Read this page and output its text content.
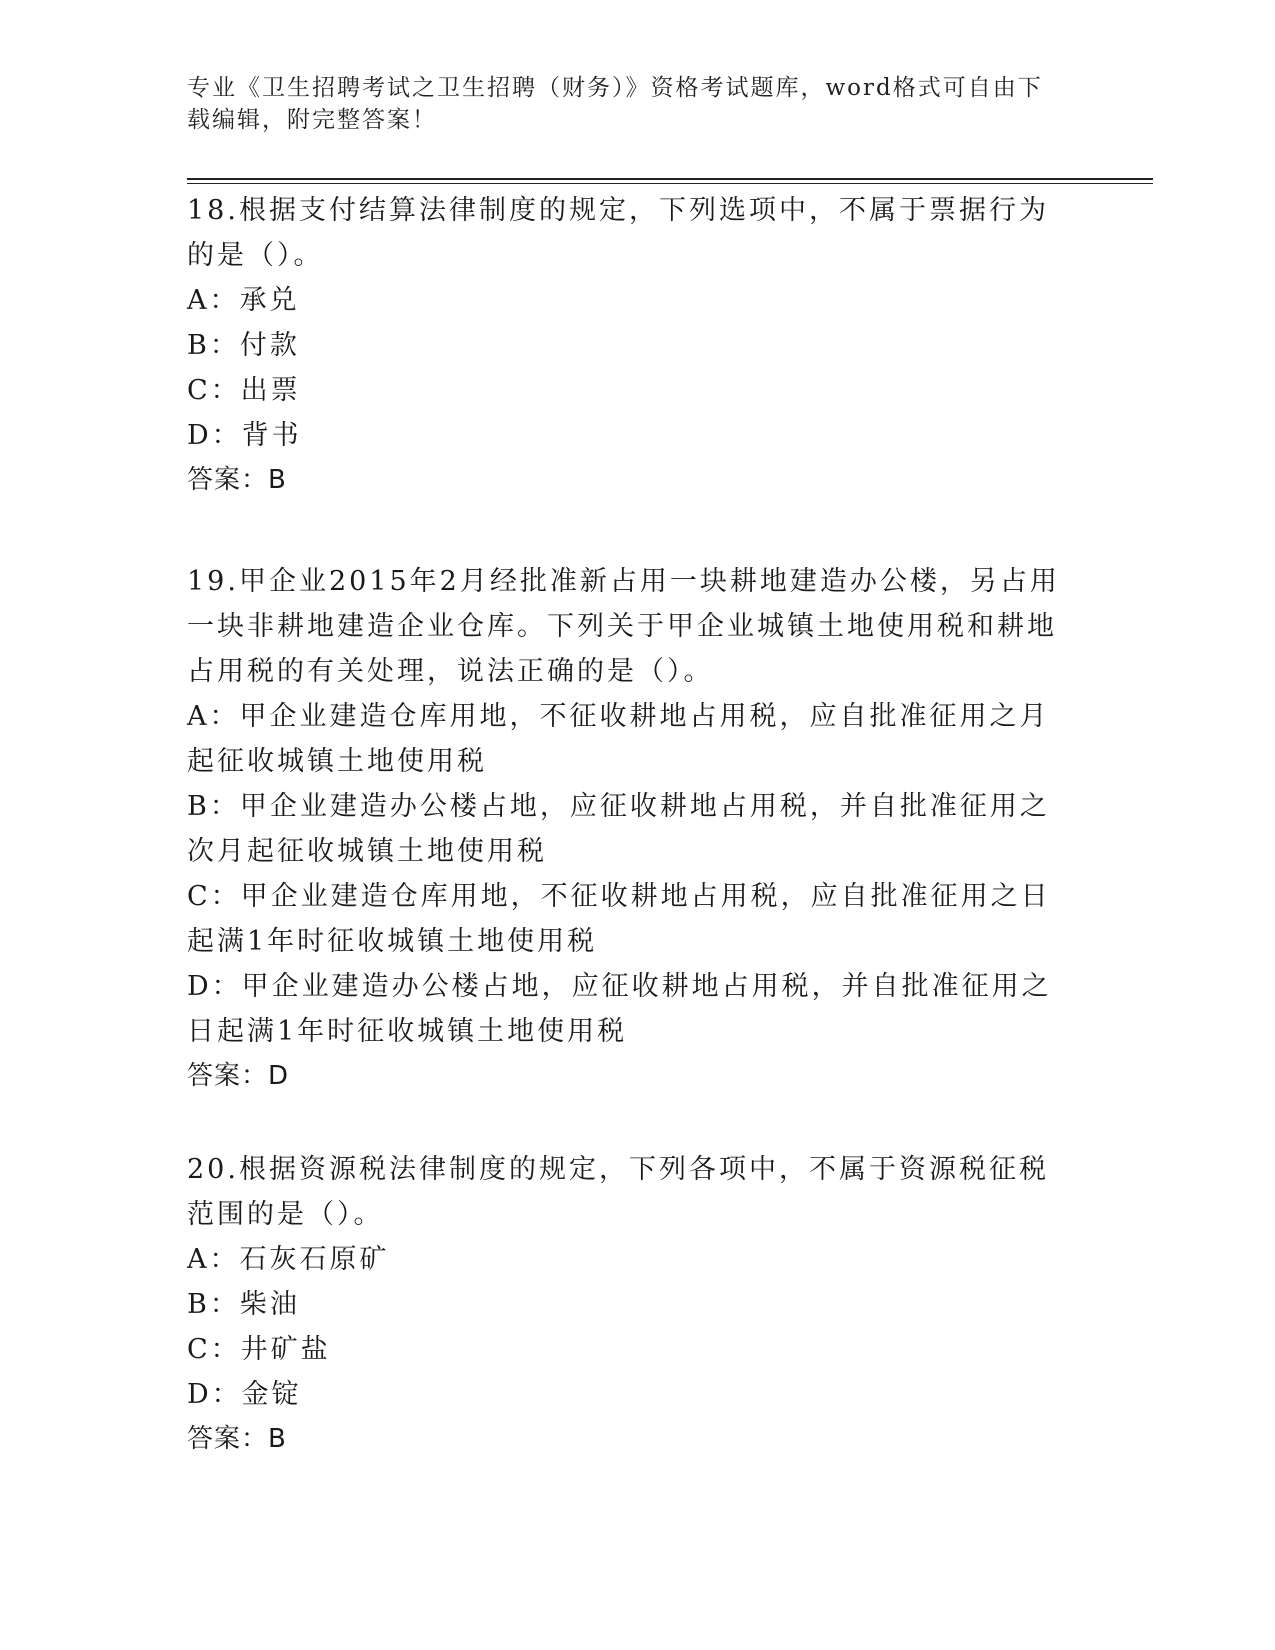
专业《卫生招聘考试之卫生招聘（财务）》资格考试题库，word格式可自由下载编辑，附完整答案！

18.根据支付结算法律制度的规定，下列选项中，不属于票据行为的是（）。

A：承兑

B：付款

C：出票

D：背书

答案：B

19.甲企业2015年2月经批准新占用一块耕地建造办公楼，另占用一块非耕地建造企业仓库。下列关于甲企业城镇土地使用税和耕地占用税的有关处理，说法正确的是（）。

A：甲企业建造仓库用地，不征收耕地占用税，应自批准征用之月起征收城镇土地使用税

B：甲企业建造办公楼占地，应征收耕地占用税，并自批准征用之次月起征收城镇土地使用税

C：甲企业建造仓库用地，不征收耕地占用税，应自批准征用之日起满1年时征收城镇土地使用税

D：甲企业建造办公楼占地，应征收耕地占用税，并自批准征用之日起满1年时征收城镇土地使用税

答案：D

20.根据资源税法律制度的规定，下列各项中，不属于资源税征税范围的是（）。

A：石灰石原矿

B：柴油

C：井矿盐

D：金锭

答案：B
